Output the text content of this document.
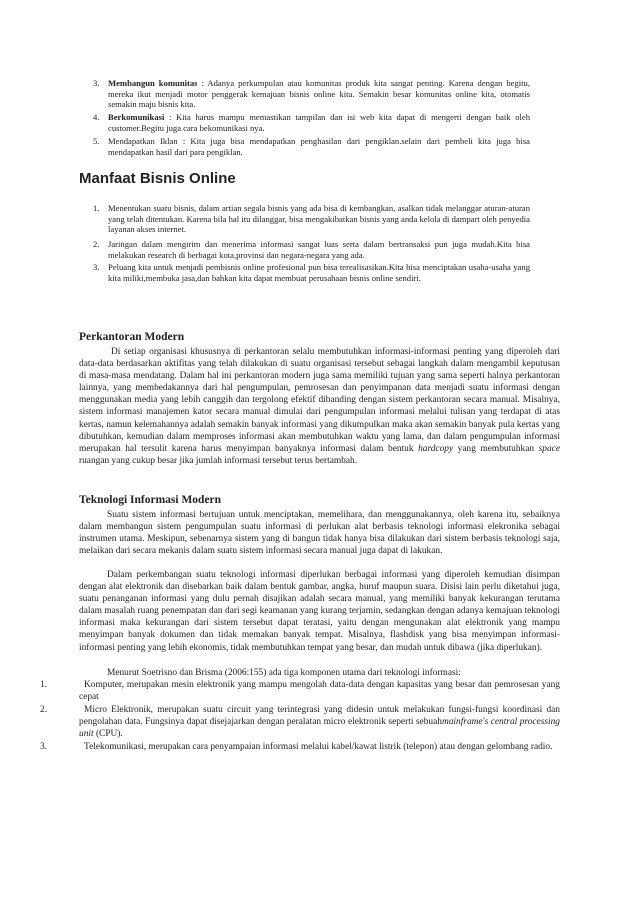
3. Membangun komunitas : Adanya perkumpulan atau komunitas produk kita sangat penting. Karena dengan begitu, mereka ikut menjadi motor penggerak kemajuan bisnis online kita. Semakin besar komunitas online kita, otomatis semakin maju bisnis kita.
4. Berkomunikasi : Kita harus mampu memastikan tampilan dan isi web kita dapat di mengerti dengan baik oleh customer.Begitu juga cara bekomunikasi nya.
5. Mendapatkan Iklan : Kita juga bisa mendapatkan penghasilan dari pengiklan.selain dari pembeli kita juga bisa mendapatkan hasil dari para pengiklan.
Manfaat Bisnis Online
1. Menentukan suatu bisnis, dalam artian segala bisnis yang ada bisa di kembangkan, asalkan tidak melanggar aturan-aturan yang telah ditentukan. Karena bila hal itu dilanggar, bisa mengakibatkan bisnis yang anda kelola di dampart oleh penyedia layanan akses internet.
2. Jaringan dalam mengirim dan menerima informasi sangat luas serta dalam bertransaksi pun juga mudah.Kita bisa melakukan research di berbagai kota,provinsi dan negara-negara yang ada.
3. Peluang kita untuk menjadi pembisnis online profesional pun bisa terealisasikan.Kita bisa menciptakan usaha-usaha yang kita miliki,membuka jasa,dan bahkan kita dapat membuat perusahaan bisnis online sendiri.
Perkantoran Modern
Di setiap organisasi khususnya di perkantoran selalu membutuhkan informasi-informasi penting yang diperoleh dari data-data berdasarkan aktifitas yang telah dilakukan di suatu organisasi tersebut sebagai langkah dalam mengambil keputusan di masa-masa mendatang. Dalam hal ini perkantoran modern juga sama memiliki tujuan yang sama seperti halnya perkantoran lainnya, yang membedakannya dari hal pengumpulan, pemrosesan dan penyimpanan data menjadi suatu informasi dengan menggunakan media yang lebih canggih dan tergolong efektif dibanding dengan sistem perkantoran secara manual. Misalnya, sistem informasi manajemen kator secara manual dimulai dari pengumpulan informasi melalui tulisan yang terdapat di atas kertas, namun kelemahannya adalah semakin banyak informasi yang dikumpulkan maka akan semakin banyak pula kertas yang dibutuhkan, kemudian dalam memproses informasi akan membutuhkan waktu yang lama, dan dalam pengumpulan informasi merupakan hal tersulit karena harus menyimpan banyaknya informasi dalam bentuk hardcopy yang membutuhkan space ruangan yang cukup besar jika jumlah informasi tersebut terus bertambah.
Teknologi Informasi Modern
Suatu sistem informasi bertujuan untuk menciptakan, memelihara, dan menggunakannya, oleh karena itu, sebaiknya dalam membangun sistem pengumpulan suatu informasi di perlukan alat berbasis teknologi informasi elekronika sebagai instrumen utama. Meskipun, sebenarnya sistem yang di bangun tidak hanya bisa dilakukan dari sistem berbasis teknologi saja, melaikan dari secara mekanis dalam suatu sistem informasi secara manual juga dapat di lakukan.
Dalam perkembangan suatu teknologi informasi diperlukan berbagai informasi yang diperoleh kemudian disimpan dengan alat elektronik dan disebarkan baik dalam bentuk gambar, angka, huruf maupun suara. Disisi lain perlu diketahui juga, suatu penanganan informasi yang dulu pernah disajikan adalah secara manual, yang memiliki banyak kekurangan terutama dalam masalah ruang penempatan dan dari segi keamanan yang kurang terjamin, sedangkan dengan adanya kemajuan teknologi informasi maka kekurangan dari sistem tersebut dapat teratasi, yaitu dengan mengunakan alat elektronik yang mampu menyimpan banyak dokumen dan tidak memakan banyak tempat. Misalnya, flashdisk yang bisa menyimpan informasi-informasi penting yang lebih ekonomis, tidak membutuhkan tempat yang besar, dan mudah untuk dibawa (jika diperlukan).
Menurut Soetrisno dan Brisma (2006:155) ada tiga komponen utama dari teknologi informasi:
1.	Komputer, merupakan mesin elektronik yang mampu mengolah data-data dengan kapasitas yang besar dan pemrosesan yang cepat
2.	Micro Elektronik, merupakan suatu circuit yang terintegrasi yang didesin untuk melakukan fungsi-fungsi koordinasi dan pengolahan data. Fungsinya dapat disejajarkan dengan peralatan micro elektronik seperti sebuahmainframe's central processing unit (CPU).
3.	Telekomunikasi, merupakan cara penyampaian informasi melalui kabel/kawat listrik (telepon) atau dengan gelombang radio.
